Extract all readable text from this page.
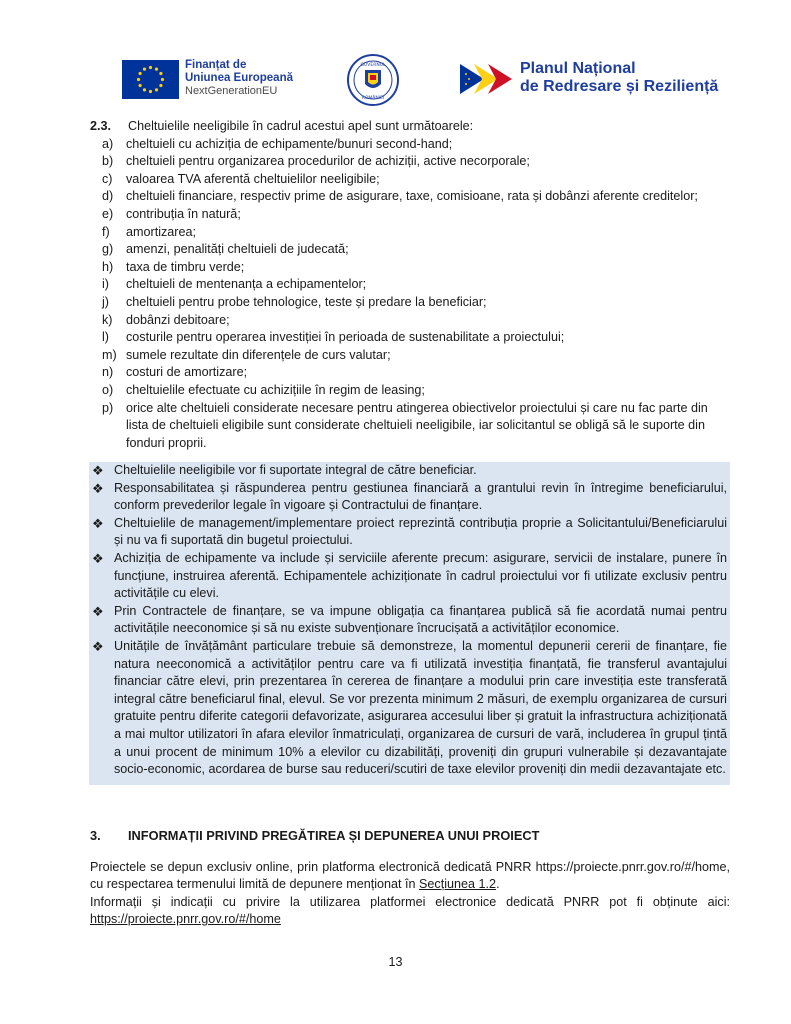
Finanțat de
Uniunea Europeană
NextGenerationEU
GUVERNUL
ROMÂNIEI
Planul Național
de Redresare și Reziliență
2.3. Cheltuielile neeligibile în cadrul acestui apel sunt următoarele:
a) cheltuieli cu achiziția de echipamente/bunuri second-hand;
b) cheltuieli pentru organizarea procedurilor de achiziții, active necorporale;
c) valoarea TVA aferentă cheltuielilor neeligibile;
d) cheltuieli financiare, respectiv prime de asigurare, taxe, comisioane, rata și dobânzi aferente creditelor;
e) contribuția în natură;
f) amortizarea;
g) amenzi, penalități cheltuieli de judecată;
h) taxa de timbru verde;
i) cheltuieli de mentenanța a echipamentelor;
j) cheltuieli pentru probe tehnologice, teste și predare la beneficiar;
k) dobânzi debitoare;
l) costurile pentru operarea investiției în perioada de sustenabilitate a proiectului;
m) sumele rezultate din diferențele de curs valutar;
n) costuri de amortizare;
o) cheltuielile efectuate cu achizițiile în regim de leasing;
p) orice alte cheltuieli considerate necesare pentru atingerea obiectivelor proiectului și care nu fac parte din lista de cheltuieli eligibile sunt considerate cheltuieli neeligibile, iar solicitantul se obligă să le suporte din fonduri proprii.
❖ Cheltuielile neeligibile vor fi suportate integral de către beneficiar.
❖ Responsabilitatea și răspunderea pentru gestiunea financiară a grantului revin în întregime beneficiarului, conform prevederilor legale în vigoare și Contractului de finanțare.
❖ Cheltuielile de management/implementare proiect reprezintă contribuția proprie a Solicitantului/Beneficiarului și nu va fi suportată din bugetul proiectului.
❖ Achiziția de echipamente va include și serviciile aferente precum: asigurare, servicii de instalare, punere în funcțiune, instruirea aferentă. Echipamentele achiziționate în cadrul proiectului vor fi utilizate exclusiv pentru activitățile cu elevi.
❖ Prin Contractele de finanțare, se va impune obligația ca finanțarea publică să fie acordată numai pentru activitățile neeconomice și să nu existe subvenționare încrucișată a activităților economice.
❖ Unitățile de învățământ particulare trebuie să demonstreze, la momentul depunerii cererii de finanțare, fie natura neeconomică a activităților pentru care va fi utilizată investiția finanțată, fie transferul avantajului financiar către elevi, prin prezentarea în cererea de finanțare a modului prin care investiția este transferată integral către beneficiarul final, elevul. Se vor prezenta minimum 2 măsuri, de exemplu organizarea de cursuri gratuite pentru diferite categorii defavorizate, asigurarea accesului liber și gratuit la infrastructura achiziționată a mai multor utilizatori în afara elevilor înmatriculați, organizarea de cursuri de vară, includerea în grupul țintă a unui procent de minimum 10% a elevilor cu dizabilități, proveniți din grupuri vulnerabile și dezavantajate socio-economic, acordarea de burse sau reduceri/scutiri de taxe elevilor proveniți din medii dezavantajate etc.
3. INFORMAȚII PRIVIND PREGĂTIREA ȘI DEPUNEREA UNUI PROIECT

Proiectele se depun exclusiv online, prin platforma electronică dedicată PNRR https://proiecte.pnrr.gov.ro/#/home, cu respectarea termenului limită de depunere menționat în Secțiunea 1.2.

Informații și indicații cu privire la utilizarea platformei electronice dedicată PNRR pot fi obținute aici: https://proiecte.pnrr.gov.ro/#/home

13
